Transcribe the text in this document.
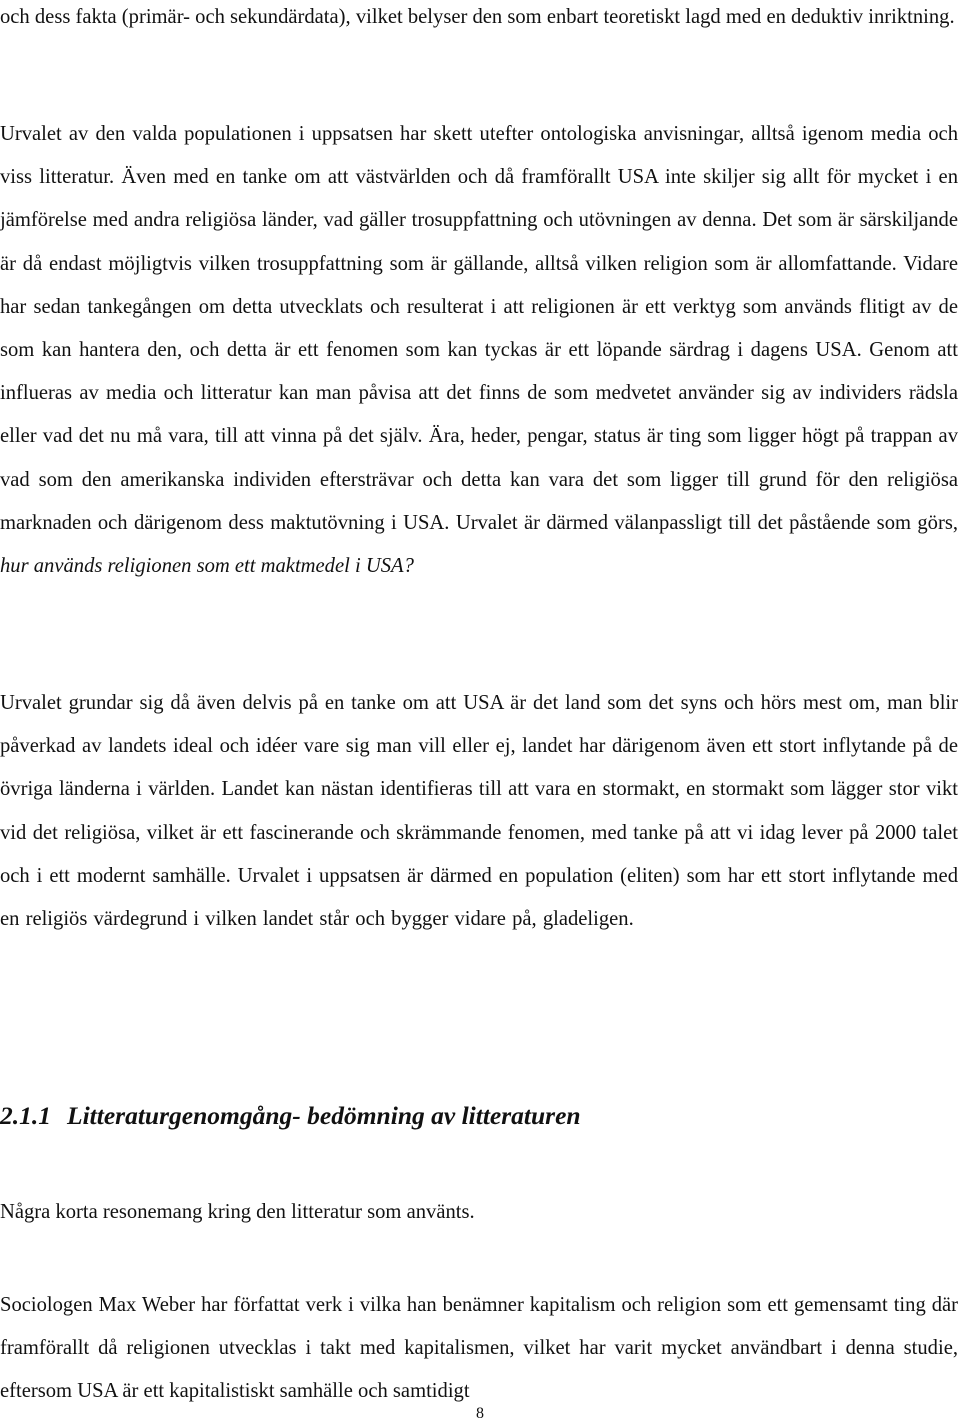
och dess fakta (primär- och sekundärdata), vilket belyser den som enbart teoretiskt lagd med en deduktiv inriktning.

Urvalet av den valda populationen i uppsatsen har skett utefter ontologiska anvisningar, alltså igenom media och viss litteratur. Även med en tanke om att västvärlden och då framförallt USA inte skiljer sig allt för mycket i en jämförelse med andra religiösa länder, vad gäller trosuppfattning och utövningen av denna. Det som är särskiljande är då endast möjligtvis vilken trosuppfattning som är gällande, alltså vilken religion som är allomfattande. Vidare har sedan tankegången om detta utvecklats och resulterat i att religionen är ett verktyg som används flitigt av de som kan hantera den, och detta är ett fenomen som kan tyckas är ett löpande särdrag i dagens USA. Genom att influeras av media och litteratur kan man påvisa att det finns de som medvetet använder sig av individers rädsla eller vad det nu må vara, till att vinna på det själv. Ära, heder, pengar, status är ting som ligger högt på trappan av vad som den amerikanska individen eftersträvar och detta kan vara det som ligger till grund för den religiösa marknaden och därigenom dess maktutövning i USA. Urvalet är därmed välanpassligt till det påstående som görs, hur används religionen som ett maktmedel i USA?

Urvalet grundar sig då även delvis på en tanke om att USA är det land som det syns och hörs mest om, man blir påverkad av landets ideal och idéer vare sig man vill eller ej, landet har därigenom även ett stort inflytande på de övriga länderna i världen. Landet kan nästan identifieras till att vara en stormakt, en stormakt som lägger stor vikt vid det religiösa, vilket är ett fascinerande och skrämmande fenomen, med tanke på att vi idag lever på 2000 talet och i ett modernt samhälle. Urvalet i uppsatsen är därmed en population (eliten) som har ett stort inflytande med en religiös värdegrund i vilken landet står och bygger vidare på, gladeligen.

2.1.1 Litteraturgenomgång- bedömning av litteraturen

Några korta resonemang kring den litteratur som använts.

Sociologen Max Weber har författat verk i vilka han benämner kapitalism och religion som ett gemensamt ting där framförallt då religionen utvecklas i takt med kapitalismen, vilket har varit mycket användbart i denna studie, eftersom USA är ett kapitalistiskt samhälle och samtidigt

8
